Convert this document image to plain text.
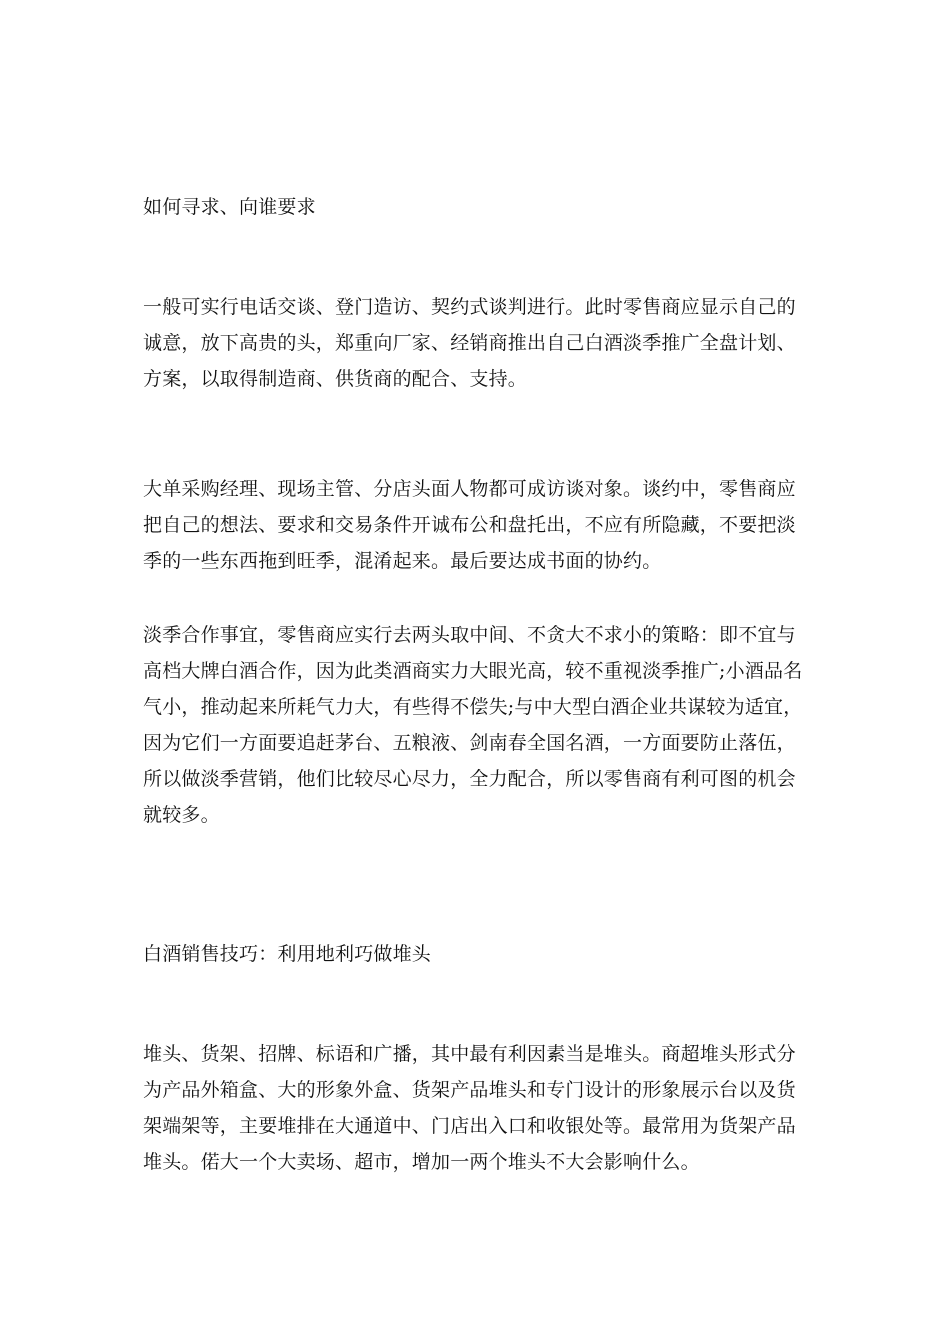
如何寻求、向谁要求
一般可实行电话交谈、登门造访、契约式谈判进行。此时零售商应显示自己的诚意，放下高贵的头，郑重向厂家、经销商推出自己白酒淡季推广全盘计划、方案，以取得制造商、供货商的配合、支持。
大单采购经理、现场主管、分店头面人物都可成访谈对象。谈约中，零售商应把自己的想法、要求和交易条件开诚布公和盘托出，不应有所隐藏，不要把淡季的一些东西拖到旺季，混淆起来。最后要达成书面的协约。
淡季合作事宜，零售商应实行去两头取中间、不贪大不求小的策略：即不宜与高档大牌白酒合作，因为此类酒商实力大眼光高，较不重视淡季推广;小酒品名气小，推动起来所耗气力大，有些得不偿失;与中大型白酒企业共谋较为适宜，因为它们一方面要追赶茅台、五粮液、剑南春全国名酒，一方面要防止落伍，所以做淡季营销，他们比较尽心尽力，全力配合，所以零售商有利可图的机会就较多。
白酒销售技巧：利用地利巧做堆头
堆头、货架、招牌、标语和广播，其中最有利因素当是堆头。商超堆头形式分为产品外箱盒、大的形象外盒、货架产品堆头和专门设计的形象展示台以及货架端架等，主要堆排在大通道中、门店出入口和收银处等。最常用为货架产品堆头。偌大一个大卖场、超市，增加一两个堆头不大会影响什么。
